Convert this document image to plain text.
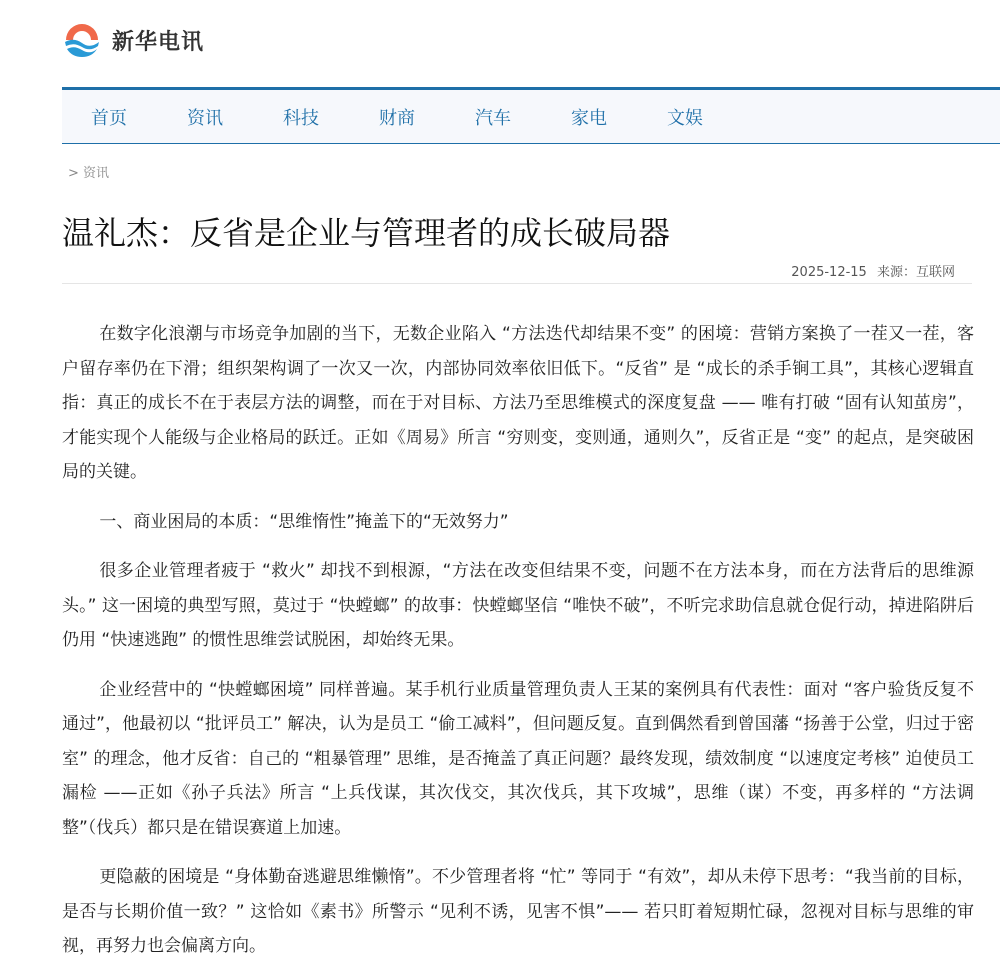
新华电讯
首页	资讯	科技	财商	汽车	家电	文娱
> 资讯
温礼杰：反省是企业与管理者的成长破局器
2025-12-15 来源：互联网

在数字化浪潮与市场竞争加剧的当下，无数企业陷入 “方法迭代却结果不变” 的困境：营销方案换了一茬又一茬，客户留存率仍在下滑；组织架构调了一次又一次，内部协同效率依旧低下。“反省” 是 “成长的杀手锏工具”，其核心逻辑直指：真正的成长不在于表层方法的调整，而在于对目标、方法乃至思维模式的深度复盘 —— 唯有打破 “固有认知茧房”，才能实现个人能级与企业格局的跃迁。正如《周易》所言 “穷则变，变则通，通则久”，反省正是 “变” 的起点，是突破困局的关键。

一、商业困局的本质：“思维惰性”掩盖下的“无效努力”

很多企业管理者疲于 “救火” 却找不到根源，“方法在改变但结果不变，问题不在方法本身，而在方法背后的思维源头。” 这一困境的典型写照，莫过于 “快螳螂” 的故事：快螳螂坚信 “唯快不破”，不听完求助信息就仓促行动，掉进陷阱后仍用 “快速逃跑” 的惯性思维尝试脱困，却始终无果。

企业经营中的 “快螳螂困境” 同样普遍。某手机行业质量管理负责人王某的案例具有代表性：面对 “客户验货反复不通过”，他最初以 “批评员工” 解决，认为是员工 “偷工减料”，但问题反复。直到偶然看到曾国藩 “扬善于公堂，归过于密室” 的理念，他才反省：自己的 “粗暴管理” 思维，是否掩盖了真正问题？最终发现，绩效制度 “以速度定考核” 迫使员工漏检 ——正如《孙子兵法》所言 “上兵伐谋，其次伐交，其次伐兵，其下攻城”，思维（谋）不变，再多样的 “方法调整”（伐兵）都只是在错误赛道上加速。

更隐蔽的困境是 “身体勤奋逃避思维懒惰”。不少管理者将 “忙” 等同于 “有效”，却从未停下思考：“我当前的目标，是否与长期价值一致？” 这恰如《素书》所警示 “见利不诱，见害不惧”—— 若只盯着短期忙碌，忽视对目标与思维的审视，再努力也会偏离方向。
